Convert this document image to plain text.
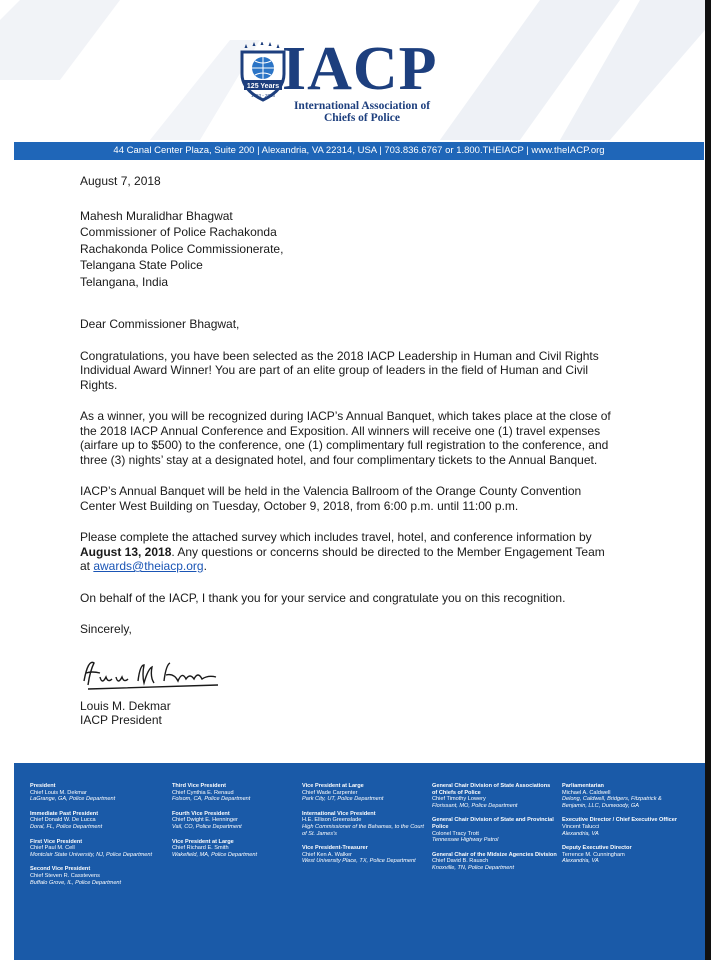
125 Years
1893 - 2018 IACP
International Association of
Chiefs of Police
44 Canal Center Plaza, Suite 200 | Alexandria, VA 22314, USA | 703.836.6767 or 1.800.THEIACP | www.theIACP.org

August 7, 2018

Mahesh Muralidhar Bhagwat
Commissioner of Police Rachakonda
Rachakonda Police Commissionerate,
Telangana State Police
Telangana, India

Dear Commissioner Bhagwat,

Congratulations, you have been selected as the 2018 IACP Leadership in Human and Civil Rights Individual Award Winner! You are part of an elite group of leaders in the field of Human and Civil Rights.

As a winner, you will be recognized during IACP’s Annual Banquet, which takes place at the close of the 2018 IACP Annual Conference and Exposition. All winners will receive one (1) travel expenses (airfare up to $500) to the conference, one (1) complimentary full registration to the conference, and three (3) nights’ stay at a designated hotel, and four complimentary tickets to the Annual Banquet.

IACP’s Annual Banquet will be held in the Valencia Ballroom of the Orange County Convention Center West Building on Tuesday, October 9, 2018, from 6:00 p.m. until 11:00 p.m.

Please complete the attached survey which includes travel, hotel, and conference information by August 13, 2018. Any questions or concerns should be directed to the Member Engagement Team at awards@theiacp.org.

On behalf of the IACP, I thank you for your service and congratulate you on this recognition.

Sincerely,

Louis M. Dekmar

IACP President

President
Chief Louis M. Dekmar
LaGrange, GA, Police Department
Immediate Past President
Chief Donald W. De Lucca
Doral, FL, Police Department
First Vice President
Chief Paul M. Cell
Montclair State University, NJ, Police Department
Second Vice President
Chief Steven R. Casstevens
Buffalo Grove, IL, Police Department
Third Vice President
Chief Cynthia E. Renaud
Folsom, CA, Police Department
Fourth Vice President
Chief Dwight E. Henninger
Vail, CO, Police Department
Vice President at Large
Chief Richard E. Smith
Wakefield, MA, Police Department
Vice President at Large
Chief Wade Carpenter
Park City, UT, Police Department
International Vice President
H.E. Ellison Greenslade
High Commissioner of the Bahamas, to the Court of St. James's
Vice President-Treasurer
Chief Ken A. Walker
West University Place, TX, Police Department
General Chair Division of State Associations of Chiefs of Police
Chief Timothy Lowery
Florissant, MO, Police Department
General Chair Division of State and Provincial Police
Colonel Tracy Trott
Tennessee Highway Patrol
General Chair of the Midsize Agencies Division
Chief David B. Rausch
Knoxville, TN, Police Department
Parliamentarian
Michael A. Caldwell
Delong, Caldwell, Bridgers, Fitzpatrick & Benjamin, LLC, Dunwoody, GA
Executive Director / Chief Executive Officer
Vincent Talucci
Alexandria, VA
Deputy Executive Director
Terrence M. Cunningham
Alexandria, VA
